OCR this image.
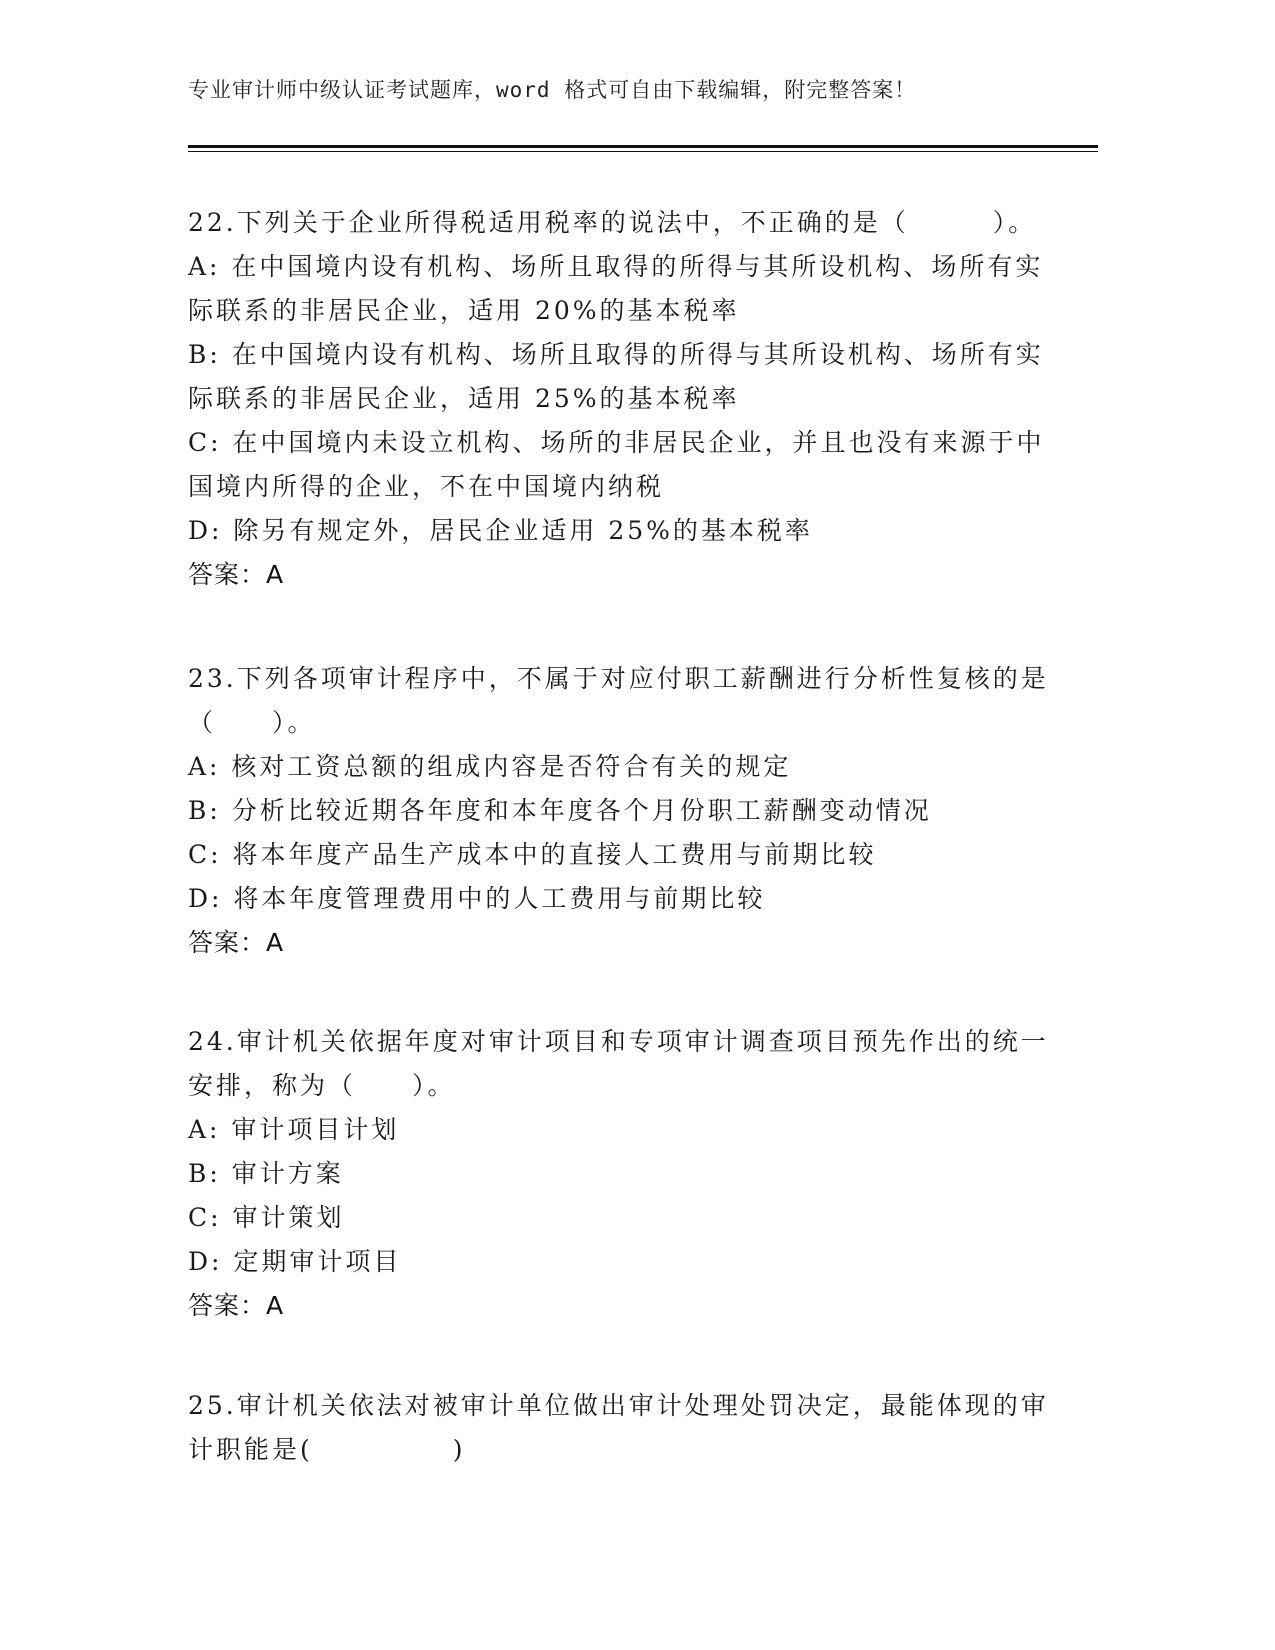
专业审计师中级认证考试题库，word 格式可自由下载编辑，附完整答案！
22.下列关于企业所得税适用税率的说法中，不正确的是（　　　）。
A: 在中国境内设有机构、场所且取得的所得与其所设机构、场所有实
际联系的非居民企业，适用 20%的基本税率
B: 在中国境内设有机构、场所且取得的所得与其所设机构、场所有实
际联系的非居民企业，适用 25%的基本税率
C: 在中国境内未设立机构、场所的非居民企业，并且也没有来源于中
国境内所得的企业，不在中国境内纳税
D: 除另有规定外，居民企业适用 25%的基本税率
答案：A
23.下列各项审计程序中，不属于对应付职工薪酬进行分析性复核的是
（　　）。
A: 核对工资总额的组成内容是否符合有关的规定
B: 分析比较近期各年度和本年度各个月份职工薪酬变动情况
C: 将本年度产品生产成本中的直接人工费用与前期比较
D: 将本年度管理费用中的人工费用与前期比较
答案：A
24.审计机关依据年度对审计项目和专项审计调查项目预先作出的统一
安排，称为（　　）。
A: 审计项目计划
B: 审计方案
C: 审计策划
D: 定期审计项目
答案：A
25.审计机关依法对被审计单位做出审计处理处罚决定，最能体现的审
计职能是(　　　　　)
